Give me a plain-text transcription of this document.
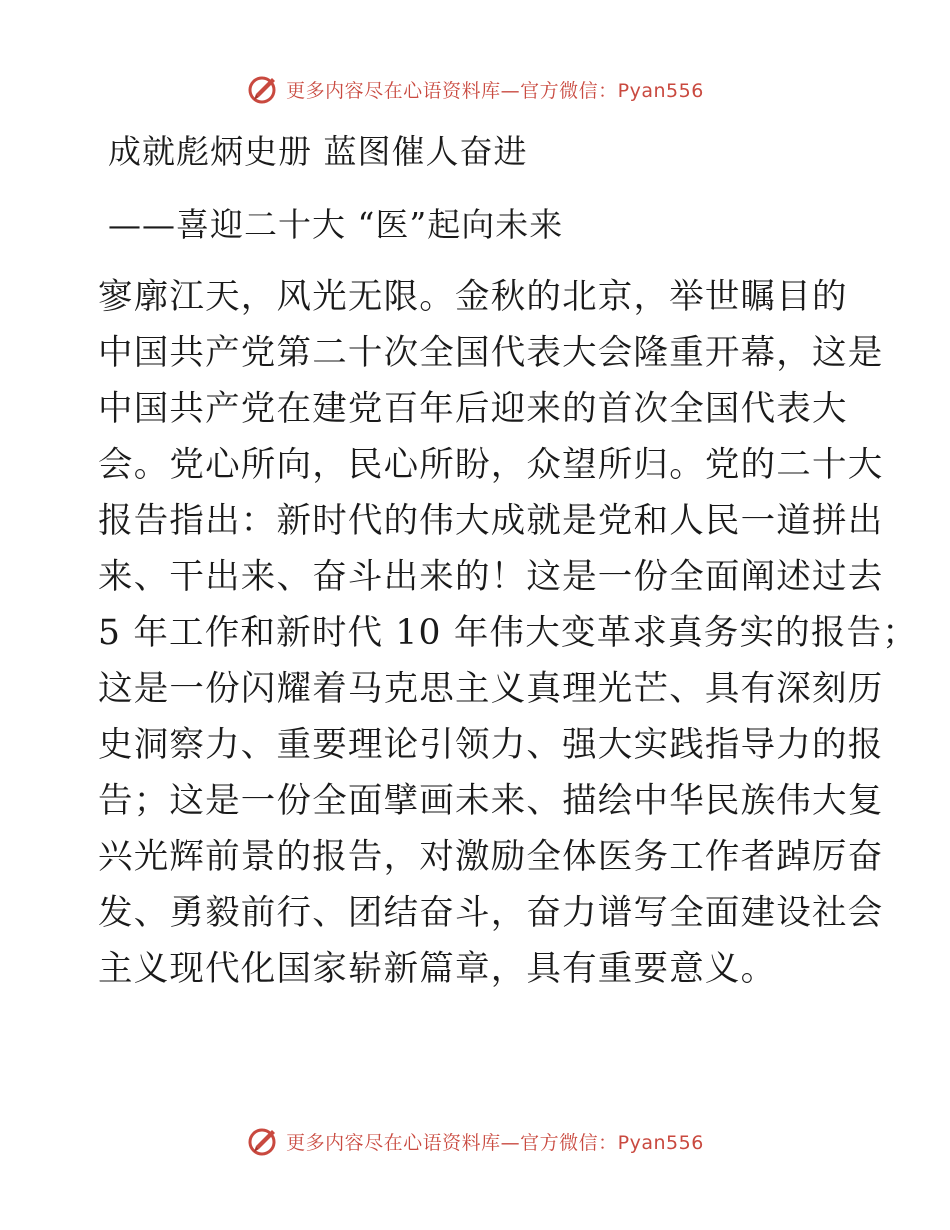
更多内容尽在心语资料库—官方微信：Pyan556
成就彪炳史册 蓝图催人奋进
——喜迎二十大 “医”起向未来
寥廓江天，风光无限。金秋的北京，举世瞩目的
中国共产党第二十次全国代表大会隆重开幕，这是
中国共产党在建党百年后迎来的首次全国代表大
会。党心所向，民心所盼，众望所归。党的二十大
报告指出：新时代的伟大成就是党和人民一道拼出
来、干出来、奋斗出来的！这是一份全面阐述过去
5 年工作和新时代 10 年伟大变革求真务实的报告；
这是一份闪耀着马克思主义真理光芒、具有深刻历
史洞察力、重要理论引领力、强大实践指导力的报
告；这是一份全面擘画未来、描绘中华民族伟大复
兴光辉前景的报告，对激励全体医务工作者踔厉奋
发、勇毅前行、团结奋斗，奋力谱写全面建设社会
主义现代化国家崭新篇章，具有重要意义。
更多内容尽在心语资料库—官方微信：Pyan556
